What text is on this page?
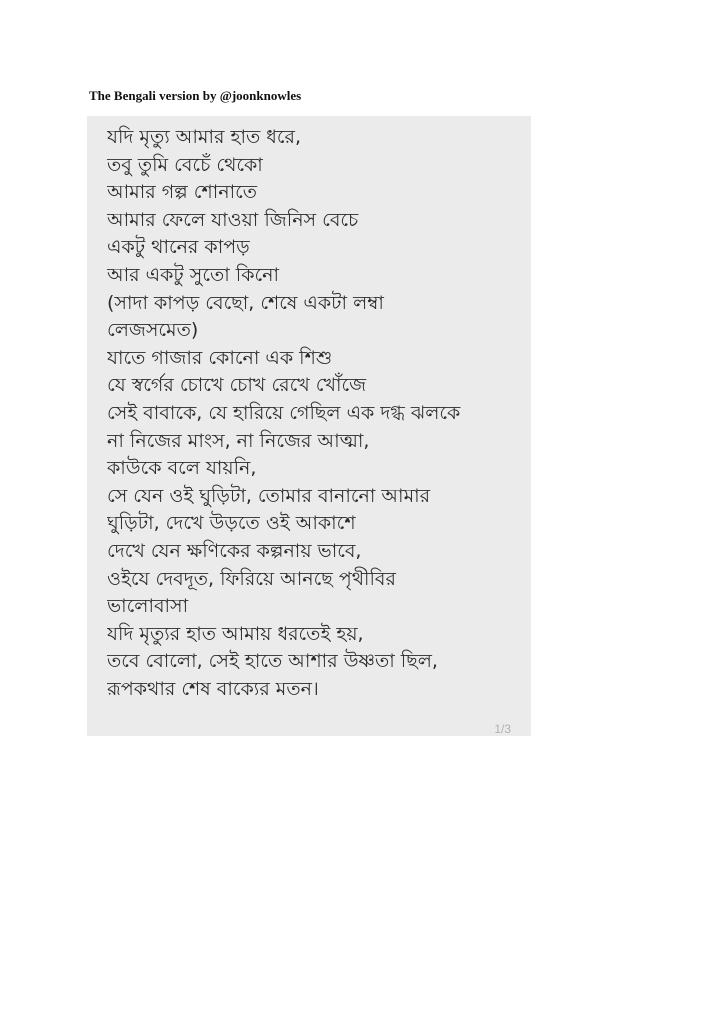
The Bengali version by @joonknowles
যদি মৃত্যু আমার হাত ধরে,
তবু তুমি বেচেঁ থেকো
আমার গল্প শোনাতে
আমার ফেলে যাওয়া জিনিস বেচে
একটু থানের কাপড়
আর একটু সুতো কিনো
(সাদা কাপড় বেছো, শেষে একটা লম্বা
লেজসমেত)
যাতে গাজার কোনো এক শিশু
যে স্বর্গের চোখে চোখ রেখে খোঁজে
সেই বাবাকে, যে হারিয়ে গেছিল এক দগ্ধ ঝলকে
না নিজের মাংস, না নিজের আত্মা,
কাউকে বলে যায়নি,
সে যেন ওই ঘুড়িটা, তোমার বানানো আমার
ঘুড়িটা, দেখে উড়তে ওই আকাশে
দেখে যেন ক্ষণিকের কল্পনায় ভাবে,
ওইযে দেবদূত, ফিরিয়ে আনছে পৃথীবির
ভালোবাসা
যদি মৃত্যুর হাত আমায় ধরতেই হয়,
তবে বোলো, সেই হাতে আশার উষ্ণতা ছিল,
রূপকথার শেষ বাক্যের মতন।
1/3
